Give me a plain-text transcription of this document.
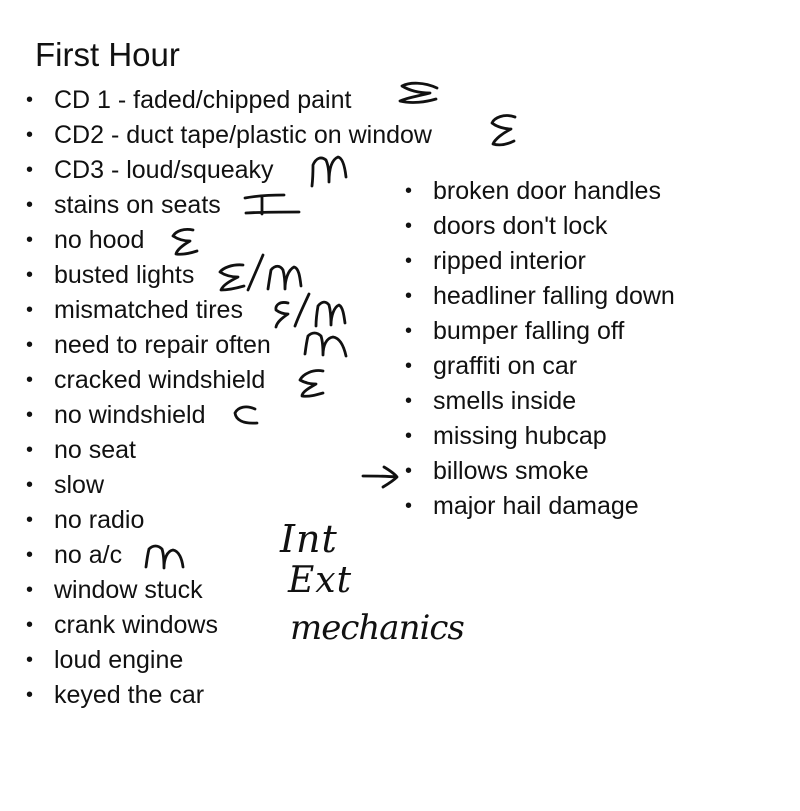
First Hour
• CD 1 - faded/chipped paint
• CD2 - duct tape/plastic on window
• CD3 - loud/squeaky
• stains on seats
• no hood
• busted lights
• mismatched tires
• need to repair often
• cracked windshield
• no windshield
• no seat
• slow
• no radio
• no a/c
• window stuck
• crank windows
• loud engine
• keyed the car
• broken door handles
• doors don't lock
• ripped interior
• headliner falling down
• bumper falling off
• graffiti on car
• smells inside
• missing hubcap
• billows smoke
• major hail damage
Int
Ext
mechanics
